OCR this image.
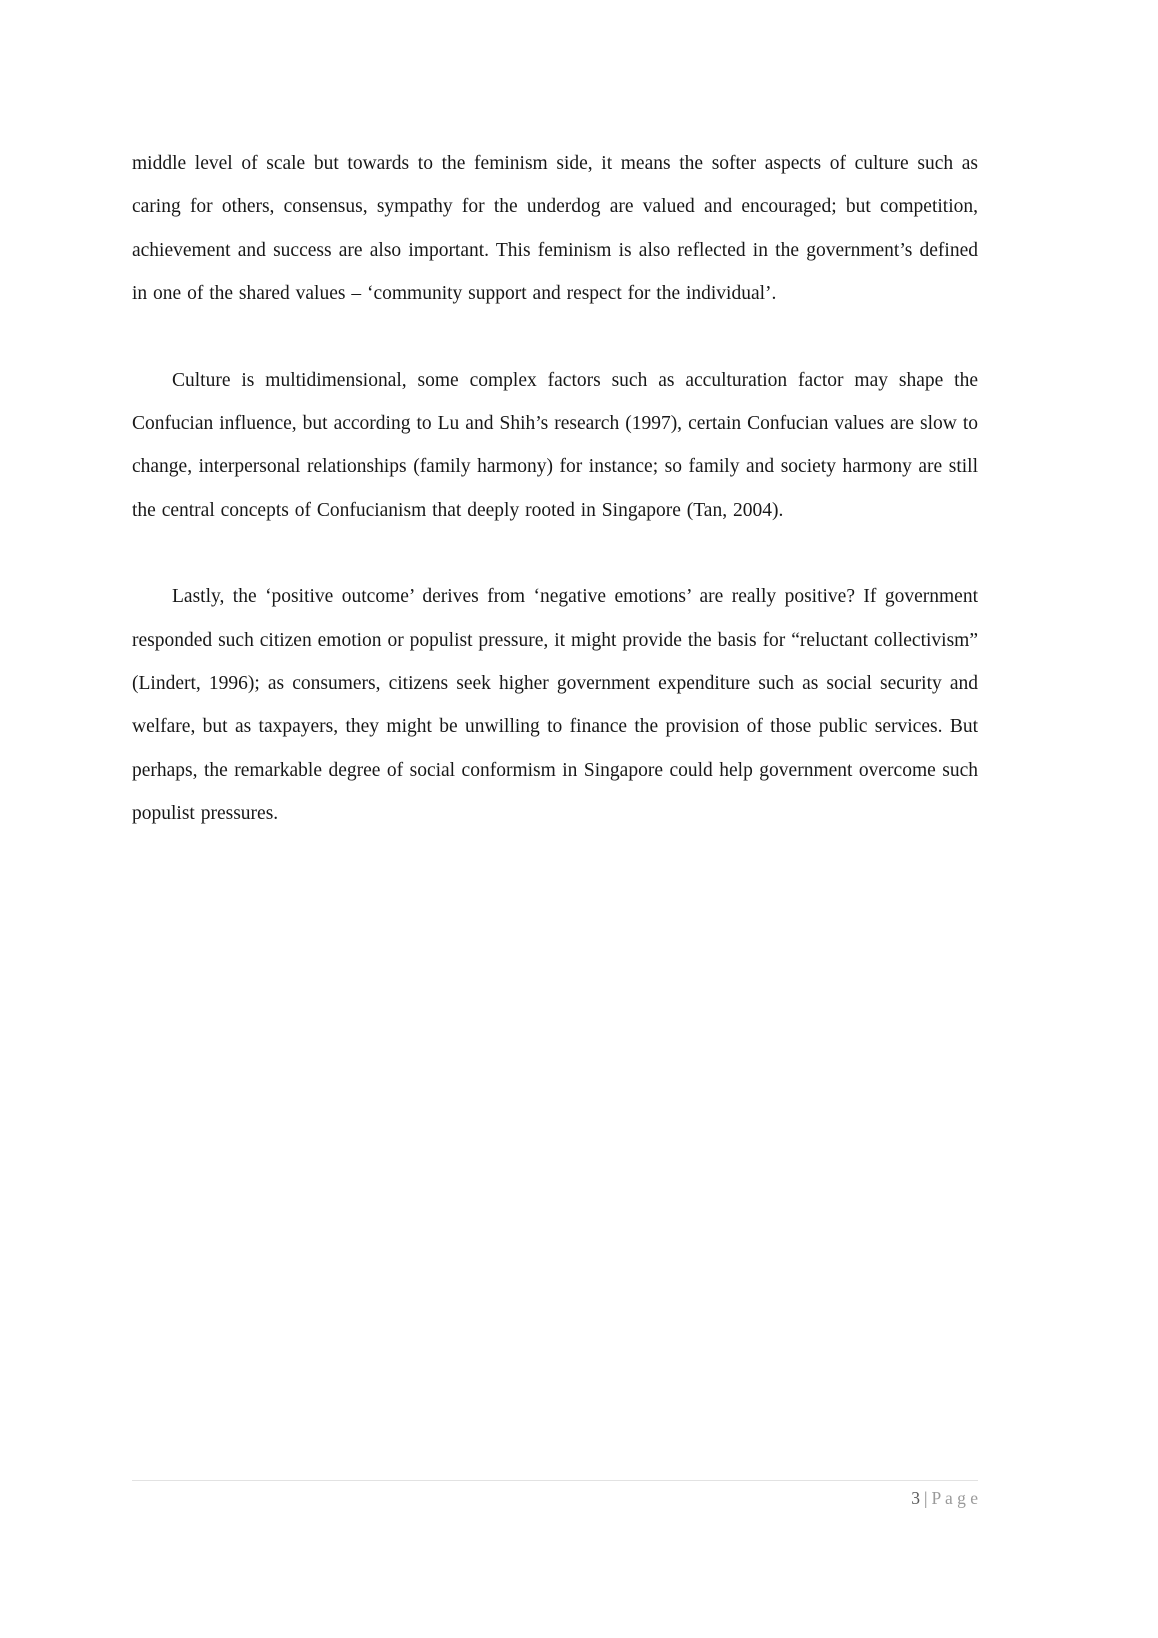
middle level of scale but towards to the feminism side, it means the softer aspects of culture such as caring for others, consensus, sympathy for the underdog are valued and encouraged; but competition, achievement and success are also important. This feminism is also reflected in the government’s defined in one of the shared values – ‘community support and respect for the individual’.

Culture is multidimensional, some complex factors such as acculturation factor may shape the Confucian influence, but according to Lu and Shih’s research (1997), certain Confucian values are slow to change, interpersonal relationships (family harmony) for instance; so family and society harmony are still the central concepts of Confucianism that deeply rooted in Singapore (Tan, 2004).

Lastly, the ‘positive outcome’ derives from ‘negative emotions’ are really positive? If government responded such citizen emotion or populist pressure, it might provide the basis for “reluctant collectivism” (Lindert, 1996); as consumers, citizens seek higher government expenditure such as social security and welfare, but as taxpayers, they might be unwilling to finance the provision of those public services. But perhaps, the remarkable degree of social conformism in Singapore could help government overcome such populist pressures.

3 | P a g e
